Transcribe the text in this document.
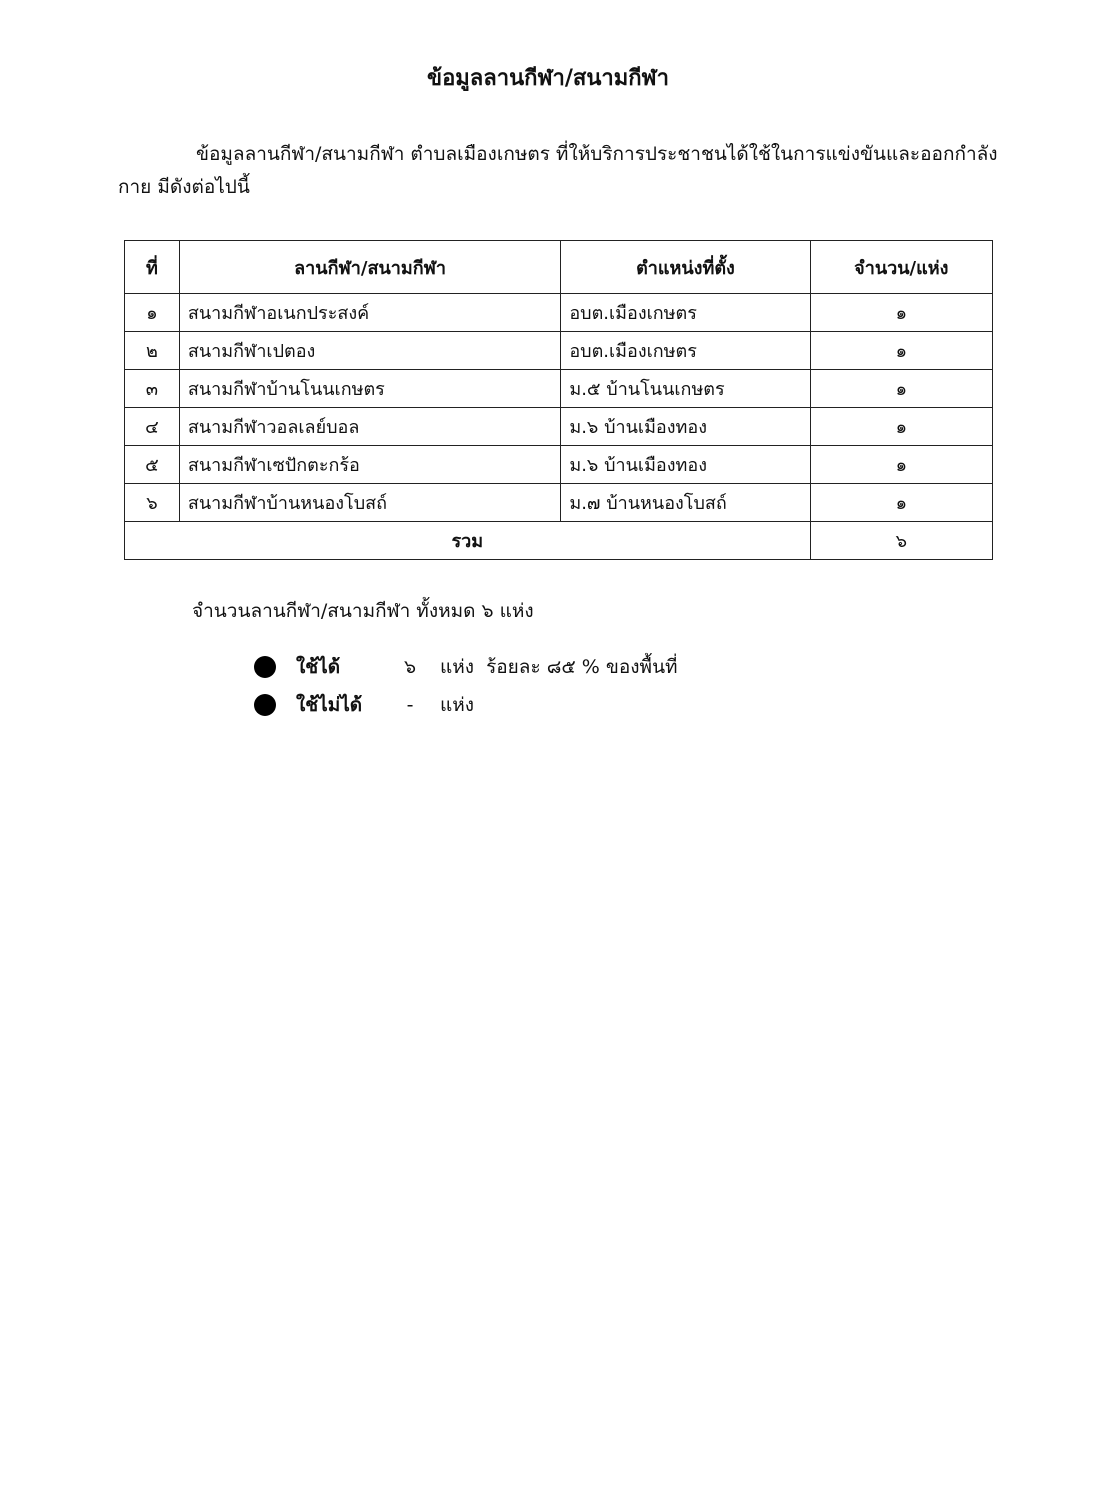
ข้อมูลลานกีฬา/สนามกีฬา
ข้อมูลลานกีฬา/สนามกีฬา ตำบลเมืองเกษตร ที่ให้บริการประชาชนได้ใช้ในการแข่งขันและออกกำลังกาย มีดังต่อไปนี้
ที่	ลานกีฬา/สนามกีฬา	ตำแหน่งที่ตั้ง	จำนวน/แห่ง
๑	สนามกีฬาอเนกประสงค์	อบต.เมืองเกษตร	๑
๒	สนามกีฬาเปตอง	อบต.เมืองเกษตร	๑
๓	สนามกีฬาบ้านโนนเกษตร	ม.๕ บ้านโนนเกษตร	๑
๔	สนามกีฬาวอลเลย์บอล	ม.๖ บ้านเมืองทอง	๑
๕	สนามกีฬาเซปักตะกร้อ	ม.๖ บ้านเมืองทอง	๑
๖	สนามกีฬาบ้านหนองโบสถ์	ม.๗ บ้านหนองโบสถ์	๑
รวม			๖
จำนวนลานกีฬา/สนามกีฬา ทั้งหมด ๖ แห่ง
ใช้ได้	๖	แห่ง ร้อยละ ๘๕ % ของพื้นที่
ใช้ไม่ได้	-	แห่ง
